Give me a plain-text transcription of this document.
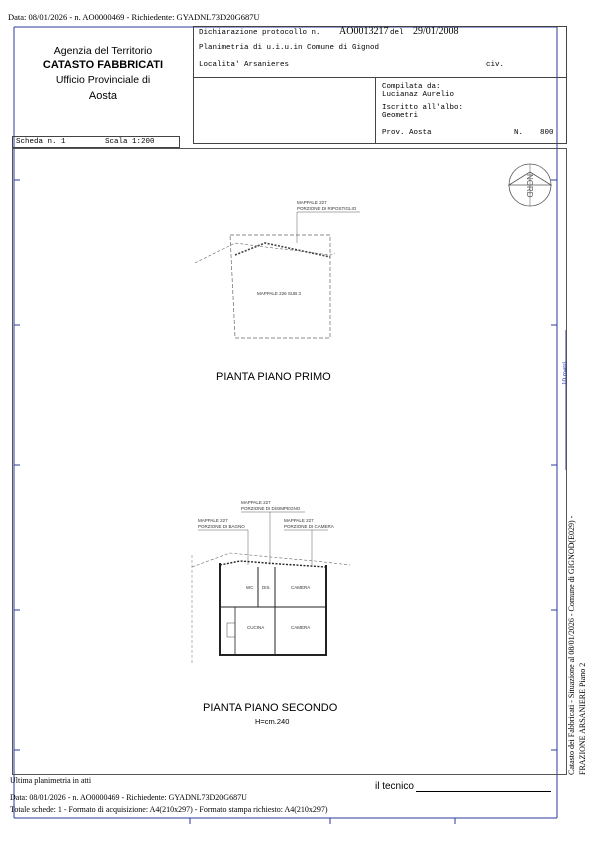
Data: 08/01/2026 - n. AO0000469 - Richiedente: GYADNL73D20G687U
Agenzia del Territorio
CATASTO FABBRICATI
Ufficio Provinciale di
Aosta
Dichiarazione protocollo n. AO0013217 del 29/01/2008
Planimetria di u.i.u.in Comune di Gignod
Localita' Arsanieres	civ.
Compilata da:
Lucianaz Aurelio
Iscritto all'albo:
Geometri
Prov. Aosta	N. 800
Scheda n. 1	Scala 1:200
NORD
MAPPALE 227
PORZIONE DI RIPOSTIGLIO
MAPPALE 226 SUB 3
PIANTA PIANO PRIMO
MAPPALE 227
PORZIONE DI DISIMPEGNO
MAPPALE 227
PORZIONE DI BAGNO
MAPPALE 227
PORZIONE DI CAMERA
WC DIS.	CAMERA
CUCINA	CAMERA
PIANTA PIANO SECONDO
H=cm.240
10 metri
Catasto dei Fabbricati - Situazione al 08/01/2026 - Comune di GIGNOD(E029) - FRAZIONE ARSANIERE Piano 2
Ultima planimetria in atti
il tecnico
Data: 08/01/2026 - n. AO0000469 - Richiedente: GYADNL73D20G687U
Totale schede: 1 - Formato di acquisizione: A4(210x297) - Formato stampa richiesto: A4(210x297)
